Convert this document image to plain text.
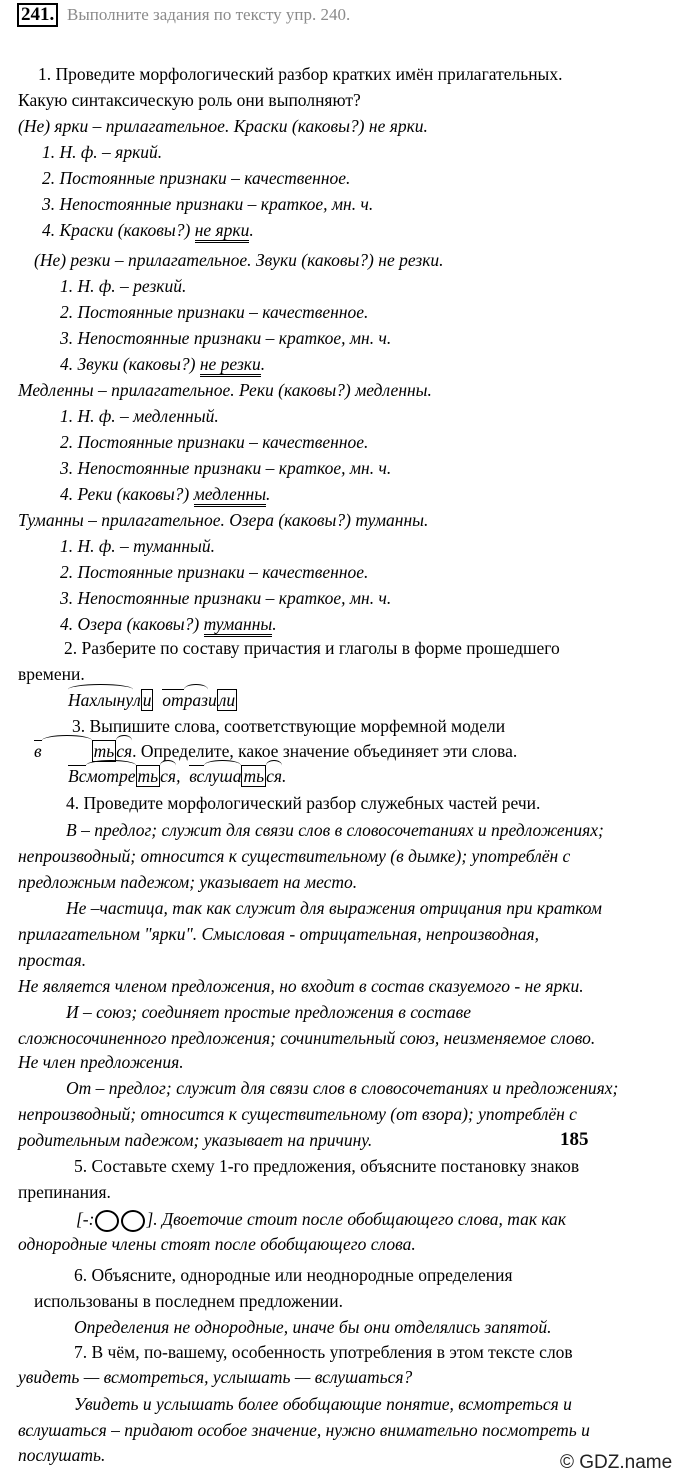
241. Выполните задания по тексту упр. 240.
1. Проведите морфологический разбор кратких имён прилагательных.
Какую синтаксическую роль они выполняют?
(Не) ярки – прилагательное. Краски (каковы?) не ярки.
1. Н. ф. – яркий.
2. Постоянные признаки – качественное.
3. Непостоянные признаки – краткое, мн. ч.
4. Краски (каковы?) не ярки.
(Не) резки – прилагательное. Звуки (каковы?) не резки.
1. Н. ф. – резкий.
2. Постоянные признаки – качественное.
3. Непостоянные признаки – краткое, мн. ч.
4. Звуки (каковы?) не резки.
Медленны – прилагательное. Реки (каковы?) медленны.
1. Н. ф. – медленный.
2. Постоянные признаки – качественное.
3. Непостоянные признаки – краткое, мн. ч.
4. Реки (каковы?) медленны.
Туманны – прилагательное. Озера (каковы?) туманны.
1. Н. ф. – туманный.
2. Постоянные признаки – качественное.
3. Непостоянные признаки – краткое, мн. ч.
4. Озера (каковы?) туманны.
2. Разберите по составу причастия и глаголы в форме прошедшего
времени.
Нахлынул и отрази ли
3. Выпишите слова, соответствующие морфемной модели
в	ть ся. Определите, какое значение объединяет эти слова.
Всмотре ть ся,  вслуша ть ся.
4. Проведите морфологический разбор служебных частей речи.
В – предлог; служит для связи слов в словосочетаниях и предложениях;
непроизводный; относится к существительному (в дымке); употреблён с
предложным падежом; указывает на место.
Не –частица, так как служит для выражения отрицания при кратком
прилагательном "ярки". Смысловая - отрицательная, непроизводная,
простая.
Не является членом предложения, но входит в состав сказуемого - не ярки.
И – союз; соединяет простые предложения в составе
сложносочиненного предложения; сочинительный союз, неизменяемое слово.
Не член предложения.
От – предлог; служит для связи слов в словосочетаниях и предложениях;
непроизводный; относится к существительному (от взора); употреблён с
родительным падежом; указывает на причину.	185
5. Составьте схему 1-го предложения, объясните постановку знаков
препинания.
[-:	]. Двоеточие стоит после обобщающего слова, так как
однородные члены стоят после обобщающего слова.
6. Объясните, однородные или неоднородные определения
использованы в последнем предложении.
Определения не однородные, иначе бы они отделялись запятой.
7. В чём, по-вашему, особенность употребления в этом тексте слов
увидеть — всмотреться, услышать — вслушаться?
Увидеть и услышать более обобщающие понятие, всмотреться и
вслушаться – придают особое значение, нужно внимательно посмотреть и
послушать.	© GDZ.name
